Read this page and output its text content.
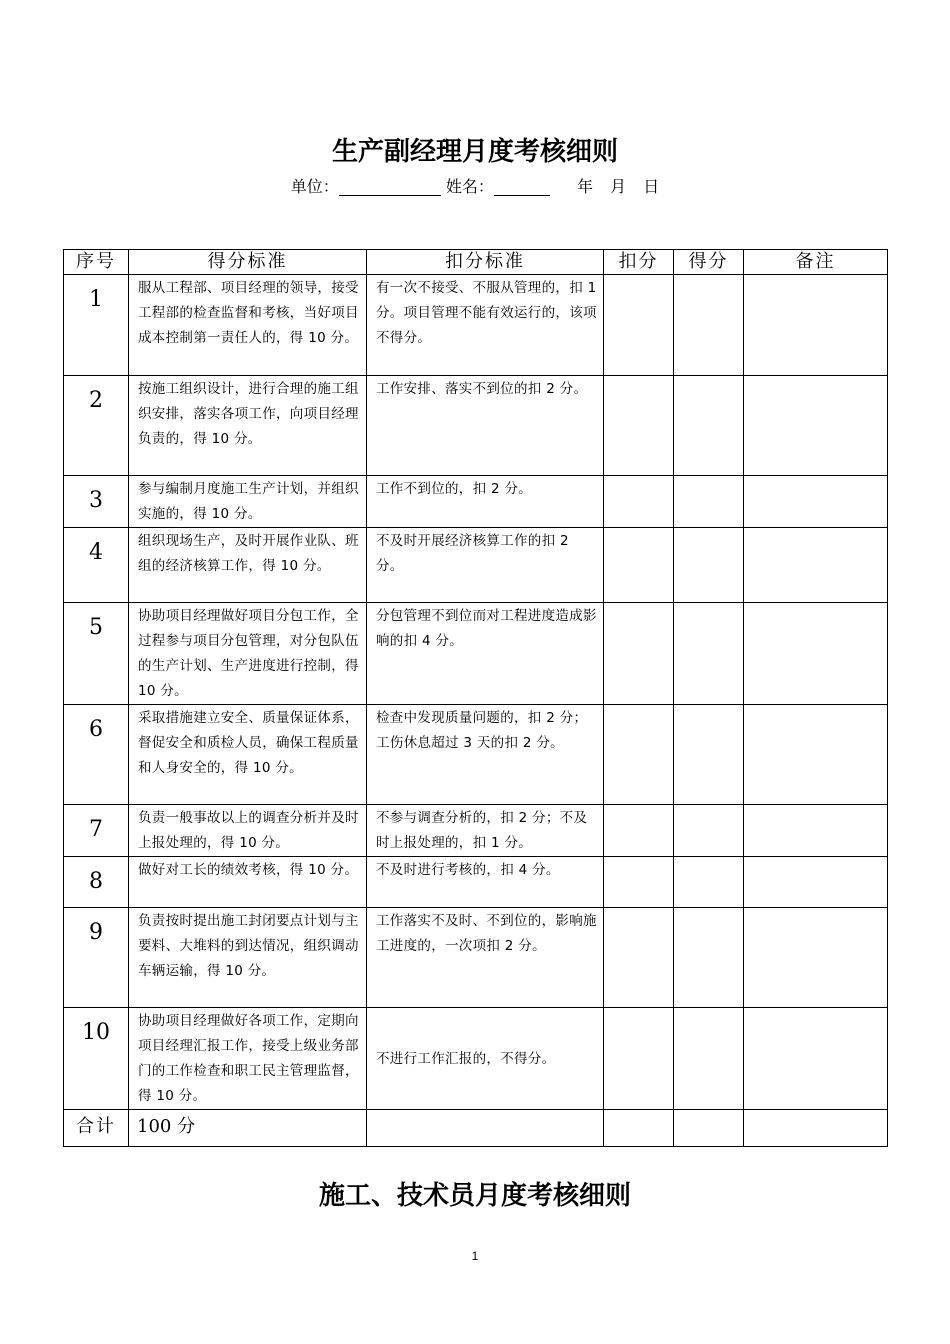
生产副经理月度考核细则
单位：	姓名：	年 月 日
序号	得分标准	扣分标准	扣分	得分	备注
1	服从工程部、项目经理的领导，接受工程部的检查监督和考核，当好项目成本控制第一责任人的，得 10 分。	有一次不接受、不服从管理的，扣 1 分。项目管理不能有效运行的，该项不得分。			
2	按施工组织设计，进行合理的施工组织安排，落实各项工作，向项目经理负责的，得 10 分。	工作安排、落实不到位的扣 2 分。			
3	参与编制月度施工生产计划，并组织实施的，得 10 分。	工作不到位的，扣 2 分。			
4	组织现场生产，及时开展作业队、班组的经济核算工作，得 10 分。	不及时开展经济核算工作的扣 2 分。			
5	协助项目经理做好项目分包工作，全过程参与项目分包管理，对分包队伍的生产计划、生产进度进行控制，得 10 分。	分包管理不到位而对工程进度造成影响的扣 4 分。			
6	采取措施建立安全、质量保证体系，督促安全和质检人员，确保工程质量和人身安全的，得 10 分。	检查中发现质量问题的，扣 2 分；工伤休息超过 3 天的扣 2 分。			
7	负责一般事故以上的调查分析并及时上报处理的，得 10 分。	不参与调查分析的，扣 2 分；不及时上报处理的，扣 1 分。			
8	做好对工长的绩效考核，得 10 分。	不及时进行考核的，扣 4 分。			
9	负责按时提出施工封闭要点计划与主要料、大堆料的到达情况，组织调动车辆运输，得 10 分。	工作落实不及时、不到位的，影响施工进度的，一次项扣 2 分。			
10	协助项目经理做好各项工作，定期向项目经理汇报工作，接受上级业务部门的工作检查和职工民主管理监督，得 10 分。	不进行工作汇报的，不得分。			
合计	100 分				
施工、技术员月度考核细则
1
